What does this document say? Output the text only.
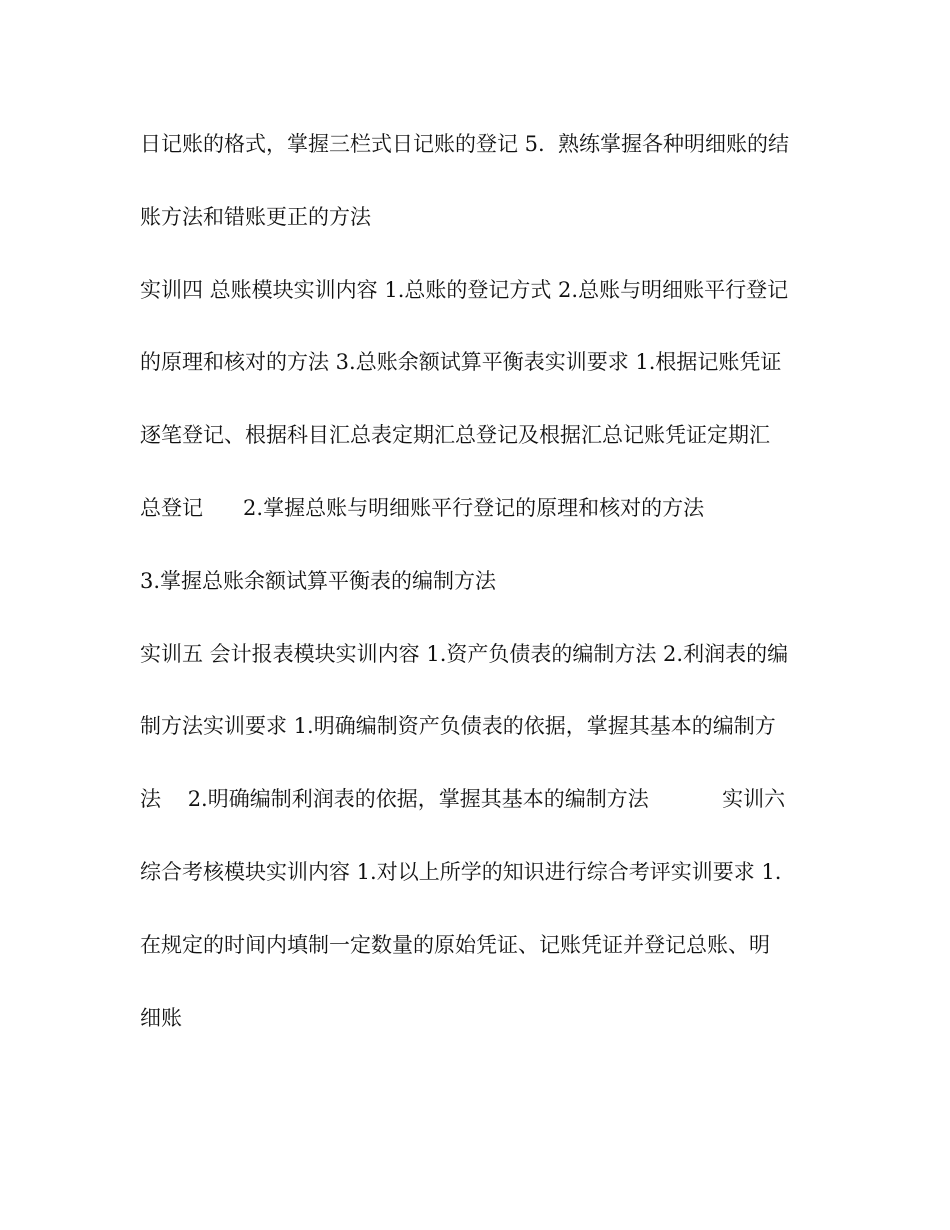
日记账的格式，掌握三栏式日记账的登记 5.  熟练掌握各种明细账的结
账方法和错账更正的方法
实训四 总账模块实训内容 1.总账的登记方式 2.总账与明细账平行登记
的原理和核对的方法 3.总账余额试算平衡表实训要求 1.根据记账凭证
逐笔登记、根据科目汇总表定期汇总登记及根据汇总记账凭证定期汇
总登记      2.掌握总账与明细账平行登记的原理和核对的方法
3.掌握总账余额试算平衡表的编制方法
实训五 会计报表模块实训内容 1.资产负债表的编制方法 2.利润表的编
制方法实训要求 1.明确编制资产负债表的依据，掌握其基本的编制方
法    2.明确编制利润表的依据，掌握其基本的编制方法           实训六
综合考核模块实训内容 1.对以上所学的知识进行综合考评实训要求 1.
在规定的时间内填制一定数量的原始凭证、记账凭证并登记总账、明
细账
